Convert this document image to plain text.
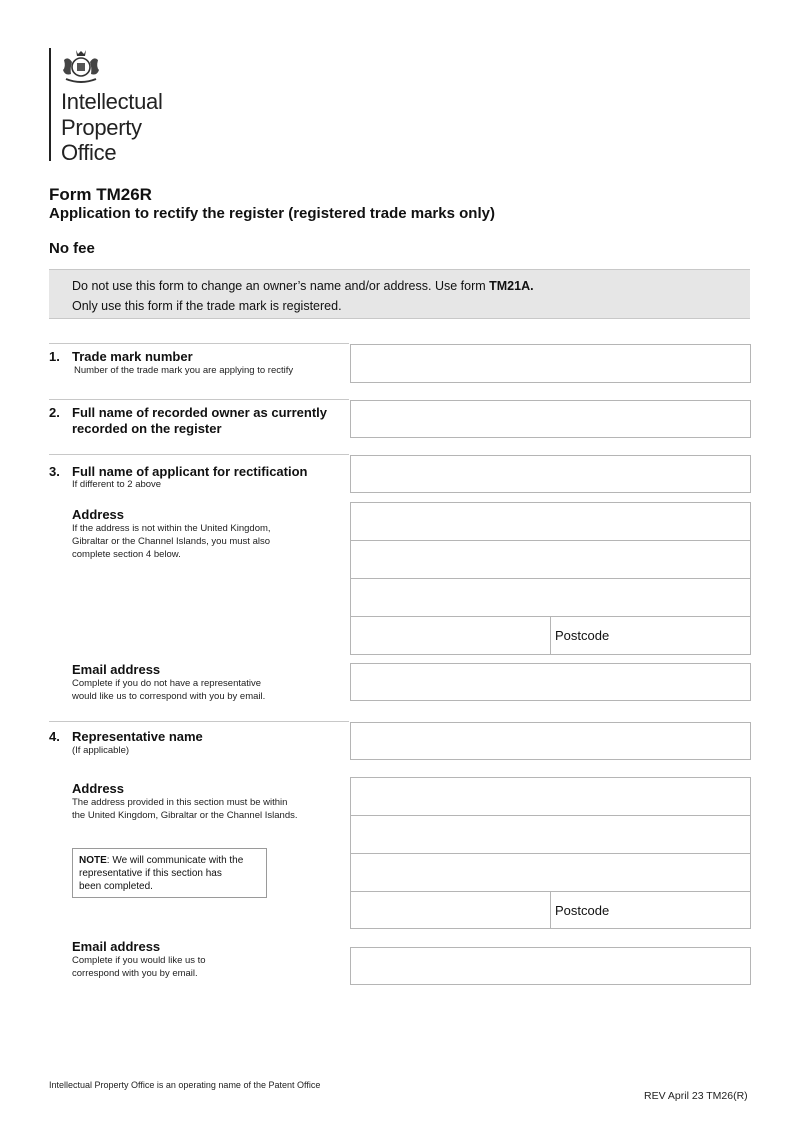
Intellectual
Property
Office
Form TM26R
Application to rectify the register (registered trade marks only)
No fee
Do not use this form to change an owner’s name and/or address. Use form TM21A.
Only use this form if the trade mark is registered.
1. Trade mark number
Number of the trade mark you are applying to rectify
2. Full name of recorded owner as currently
recorded on the register
3. Full name of applicant for rectification
If different to 2 above
Address
If the address is not within the United Kingdom,
Gibraltar or the Channel Islands, you must also
complete section 4 below.
Postcode
Email address
Complete if you do not have a representative
would like us to correspond with you by email.
4. Representative name
(If applicable)
Address
The address provided in this section must be within
the United Kingdom, Gibraltar or the Channel Islands.
Postcode
NOTE: We will communicate with the
representative if this section has
been completed.
Email address
Complete if you would like us to
correspond with you by email.
Intellectual Property Office is an operating name of the Patent Office
REV April 23 TM26(R)
